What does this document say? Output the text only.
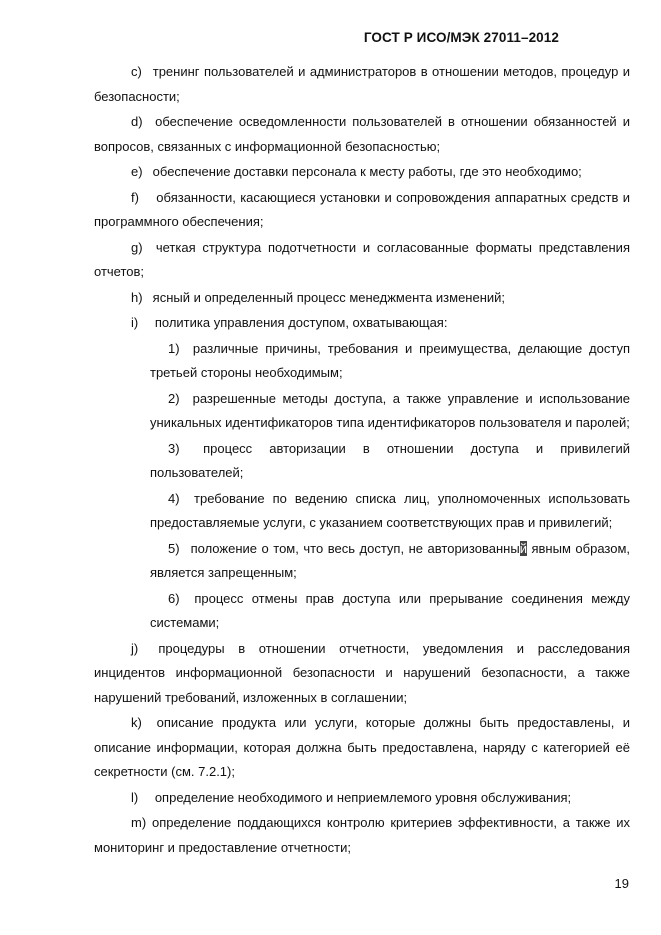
ГОСТ Р ИСО/МЭК 27011–2012

c)  тренинг пользователей и администраторов в отношении методов, процедур и безопасности;

d)  обеспечение осведомленности пользователей в отношении обязанностей и вопросов, связанных с информационной безопасностью;

e)  обеспечение доставки персонала к месту работы, где это необходимо;

f)   обязанности, касающиеся установки и сопровождения аппаратных средств и программного обеспечения;

g)  четкая структура подотчетности и согласованные форматы представления отчетов;

h)  ясный и определенный процесс менеджмента изменений;

i)   политика управления доступом, охватывающая:

1)  различные причины, требования и преимущества, делающие доступ третьей стороны необходимым;

2)  разрешенные методы доступа, а также управление и использование уникальных идентификаторов типа идентификаторов пользователя и паролей;

3)  процесс авторизации в отношении доступа и привилегий пользователей;

4)  требование по ведению списка лиц, уполномоченных использовать предоставляемые услуги, с указанием соответствующих прав и привилегий;

5)  положение о том, что весь доступ, не авторизованный явным образом, является запрещенным;

6)  процесс отмены прав доступа или прерывание соединения между системами;

j)  процедуры в отношении отчетности, уведомления и расследования инцидентов информационной безопасности и нарушений безопасности, а также нарушений требований, изложенных в соглашении;

k)  описание продукта или услуги, которые должны быть предоставлены, и описание информации, которая должна быть предоставлена, наряду с категорией её секретности (см. 7.2.1);

l)   определение необходимого и неприемлемого уровня обслуживания;

m) определение поддающихся контролю критериев эффективности, а также их мониторинг и предоставление отчетности;

19
